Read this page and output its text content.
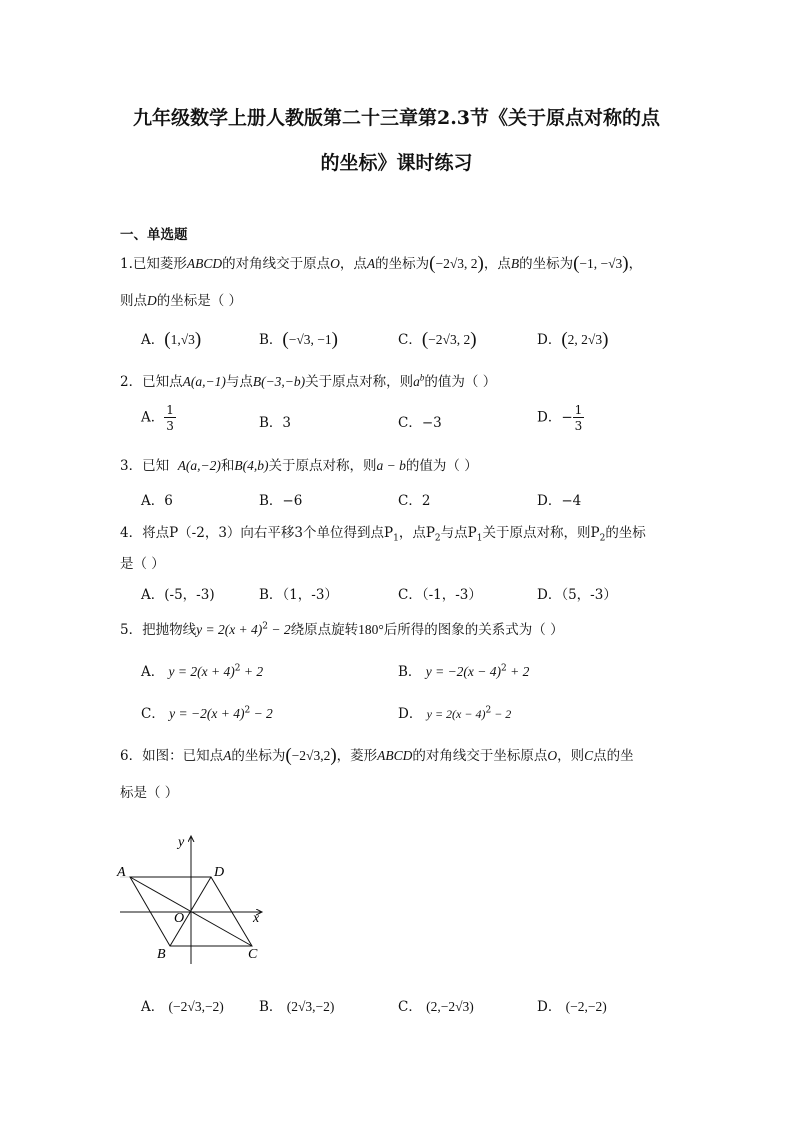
九年级数学上册人教版第二十三章第2.3节《关于原点对称的点
的坐标》课时练习
一、单选题
1.已知菱形ABCD的对角线交于原点O，点A的坐标为(−2√3, 2)，点B的坐标为(−1, −√3)，
则点D的坐标是（ ）
A．(1,√3)	B．(−√3, −1)	C．(−2√3, 2)	D．(2, 2√3)
2．已知点A(a,−1)与点B(−3,−b)关于原点对称，则$a^b$的值为（ ）
A． $\frac{1}{3}$	B．3	C．−3	D．− $\frac{1}{3}$
3．已知 A(a,−2)和B(4,b)关于原点对称，则a − b的值为（ ）
A．6	B．−6	C．2	D．−4
4．将点P（-2，3）向右平移3个单位得到点$P_1$，点$P_2$与点$P_1$关于原点对称，则$P_2$的坐标
是（ ）
A．(-5，-3)	B．（1，-3）	C．（-1，-3）	D．（5，-3）
5．把抛物线$y = 2(x + 4)^2 - 2$绕原点旋转180°后所得的图象的关系式为（ ）
A． $y = 2(x + 4)^2 + 2$	B． $y = -2(x - 4)^2 + 2$
C． $y = -2(x + 4)^2 - 2$	D． $y = 2(x - 4)^2 - 2$
6．如图：已知点A的坐标为(−2√3,2)，菱形ABCD的对角线交于坐标原点O，则C点的坐
标是（ ）
y
x
A	D
O
B	C
A． (−2√3,−2)	B． (2√3,−2)	C． (2,−2√3)	D． (−2,−2)
